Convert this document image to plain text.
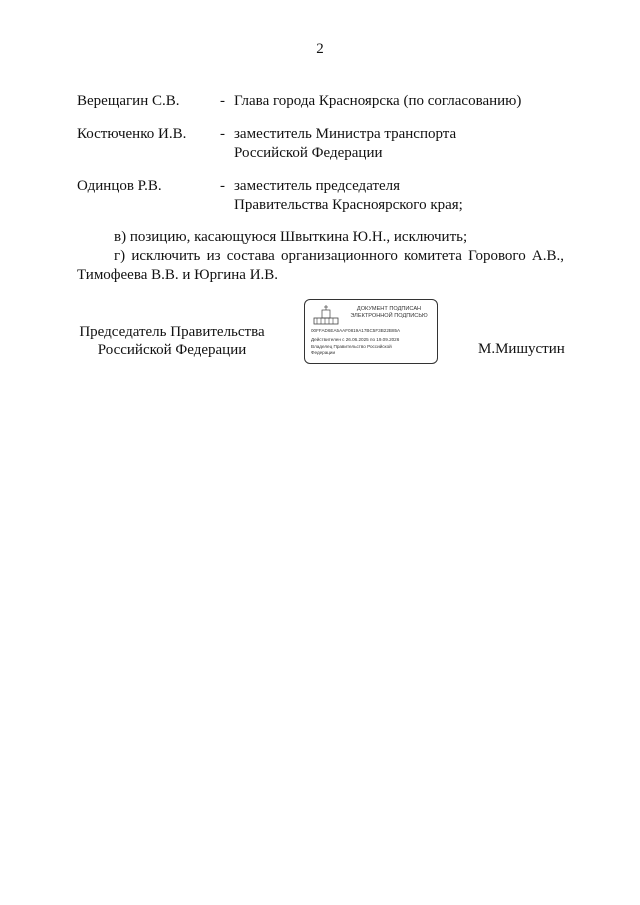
2
Верещагин С.В.	- Глава города Красноярска (по согласованию)
Костюченко И.В. - заместитель Министра транспорта
Российской Федерации
Одинцов Р.В.	- заместитель председателя
Правительства Красноярского края;
в) позицию, касающуюся Швыткина Ю.Н., исключить;
г) исключить из состава организационного комитета Горового А.В.,
Тимофеева В.В. и Юргина И.В.
Председатель Правительства
Российской Федерации
ДОКУМЕНТ ПОДПИСАН
ЭЛЕКТРОННОЙ ПОДПИСЬЮ
00FFAD6EA5AAF0819A17BC5F3B22B85A
Действителен с 26.06.2025 по 19.09.2026
Владелец Правительство Российской
Федерации	М.Мишустин
